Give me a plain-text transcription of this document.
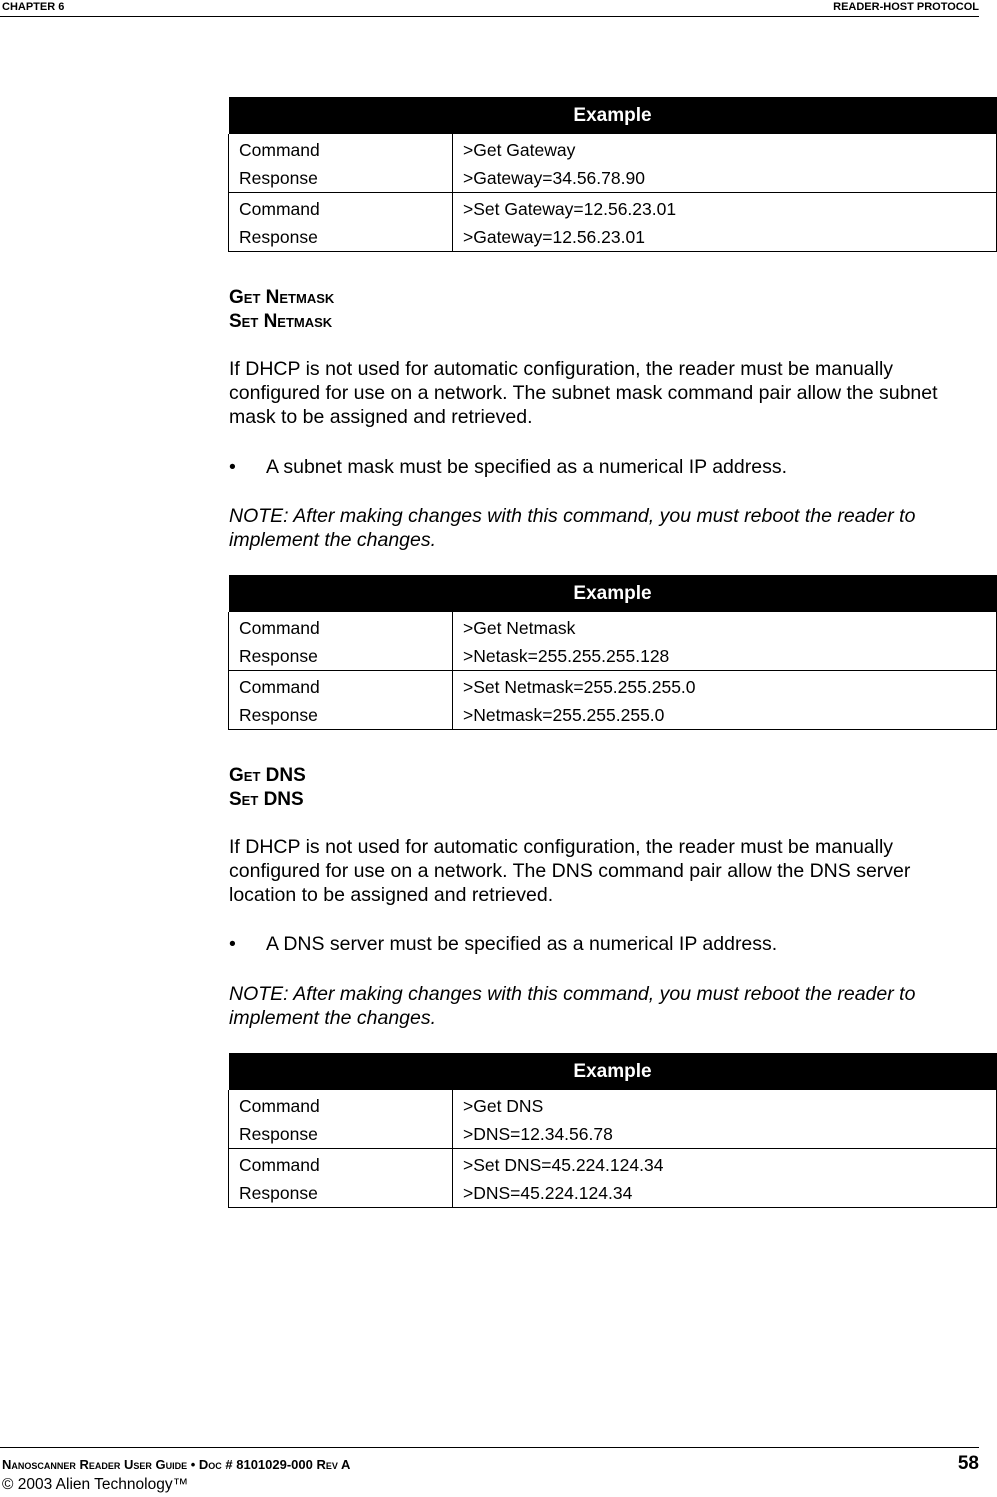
CHAPTER 6	READER-HOST PROTOCOL
Example	
Command	>Get Gateway
Response	>Gateway=34.56.78.90
Command	>Set Gateway=12.56.23.01
Response	>Gateway=12.56.23.01
Get Netmask
Set Netmask
If DHCP is not used for automatic configuration, the reader must be manually configured for use on a network. The subnet mask command pair allow the subnet mask to be assigned and retrieved.
• A subnet mask must be specified as a numerical IP address.
NOTE: After making changes with this command, you must reboot the reader to implement the changes.
Example	
Command	>Get Netmask
Response	>Netask=255.255.255.128
Command	>Set Netmask=255.255.255.0
Response	>Netmask=255.255.255.0
Get DNS
Set DNS
If DHCP is not used for automatic configuration, the reader must be manually configured for use on a network. The DNS command pair allow the DNS server location to be assigned and retrieved.
• A DNS server must be specified as a numerical IP address.
NOTE: After making changes with this command, you must reboot the reader to implement the changes.
Example	
Command	>Get DNS
Response	>DNS=12.34.56.78
Command	>Set DNS=45.224.124.34
Response	>DNS=45.224.124.34
Nanoscanner Reader User Guide • Doc # 8101029-000 Rev A	58
© 2003 Alien Technology™
